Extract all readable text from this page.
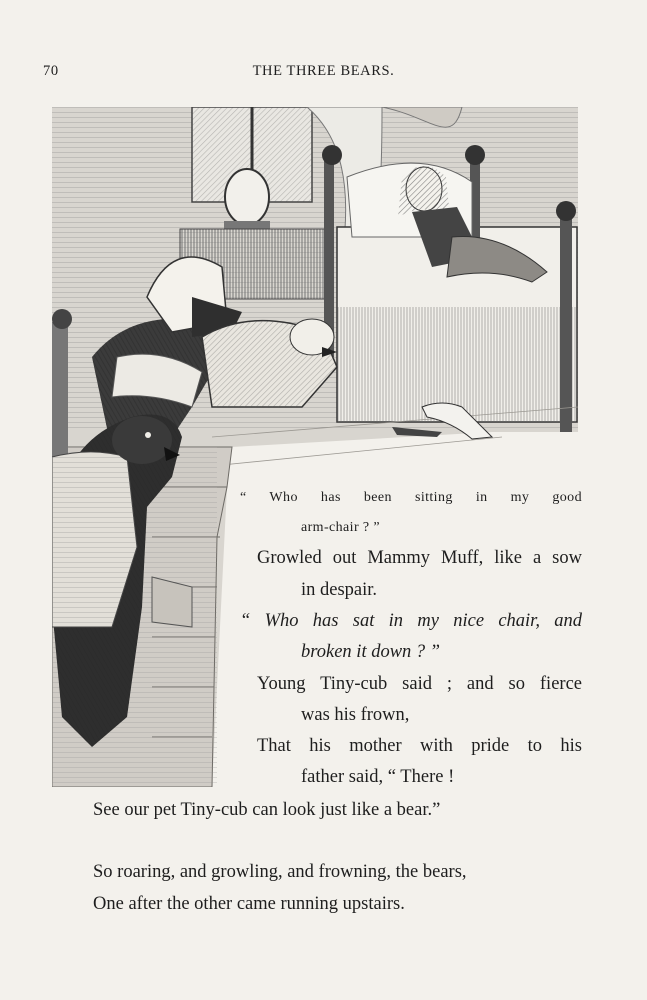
70	THE THREE BEARS.
“ Who has been sitting in my good
arm-chair ? ”
Growled out Mammy Muff, like a sow
in despair.
“ Who has sat in my nice chair, and
broken it down ? ”
Young Tiny-cub said ; and so fierce
was his frown,
That his mother with pride to his
father said, “ There !
See our pet Tiny-cub can look just like a bear.”
So roaring, and growling, and frowning, the bears,
One after the other came running upstairs.
